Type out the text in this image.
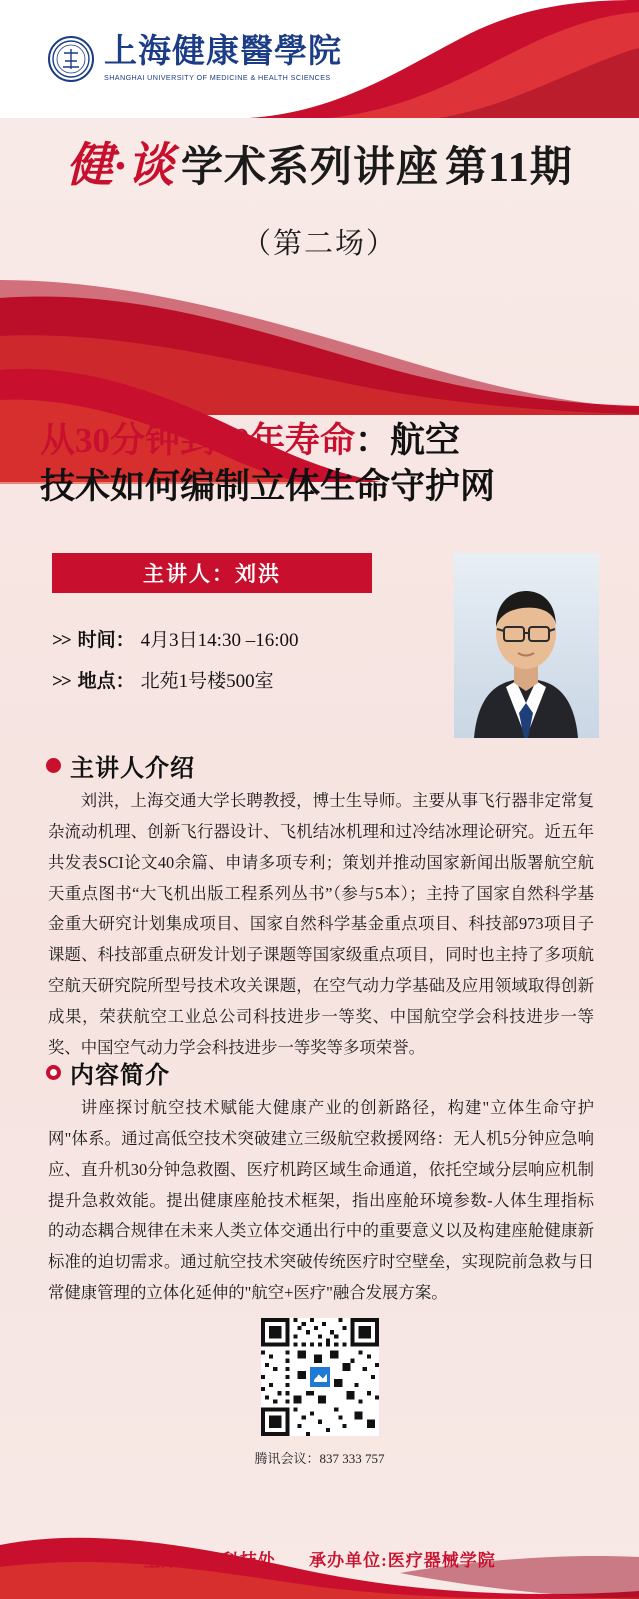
上海健康醫學院
SHANGHAI UNIVERSITY OF MEDICINE & HEALTH SCIENCES
健·谈 学术系列讲座 第11期
（第二场）
从30分钟到10年寿命：航空
技术如何编制立体生命守护网
主讲人：刘洪
>> 时间： 4月3日14:30 –16:00
>> 地点： 北苑1号楼500室
主讲人介绍
刘洪，上海交通大学长聘教授，博士生导师。主要从事飞行器非定常复杂流动机理、创新飞行器设计、飞机结冰机理和过冷结冰理论研究。近五年共发表SCI论文40余篇、申请多项专利；策划并推动国家新闻出版署航空航天重点图书“大飞机出版工程系列丛书”（参与5本）；主持了国家自然科学基金重大研究计划集成项目、国家自然科学基金重点项目、科技部973项目子课题、科技部重点研发计划子课题等国家级重点项目，同时也主持了多项航空航天研究院所型号技术攻关课题，在空气动力学基础及应用领域取得创新成果，荣获航空工业总公司科技进步一等奖、中国航空学会科技进步一等奖、中国空气动力学会科技进步一等奖等多项荣誉。
内容简介
讲座探讨航空技术赋能大健康产业的创新路径，构建"立体生命守护网"体系。通过高低空技术突破建立三级航空救援网络：无人机5分钟应急响应、直升机30分钟急救圈、医疗机跨区域生命通道，依托空域分层响应机制提升急救效能。提出健康座舱技术框架，指出座舱环境参数-人体生理指标的动态耦合规律在未来人类立体交通出行中的重要意义以及构建座舱健康新标准的迫切需求。通过航空技术突破传统医疗时空壁垒，实现院前急救与日常健康管理的立体化延伸的"航空+医疗"融合发展方案。
腾讯会议：837 333 757
主办单位:科技处 承办单位:医疗器械学院
